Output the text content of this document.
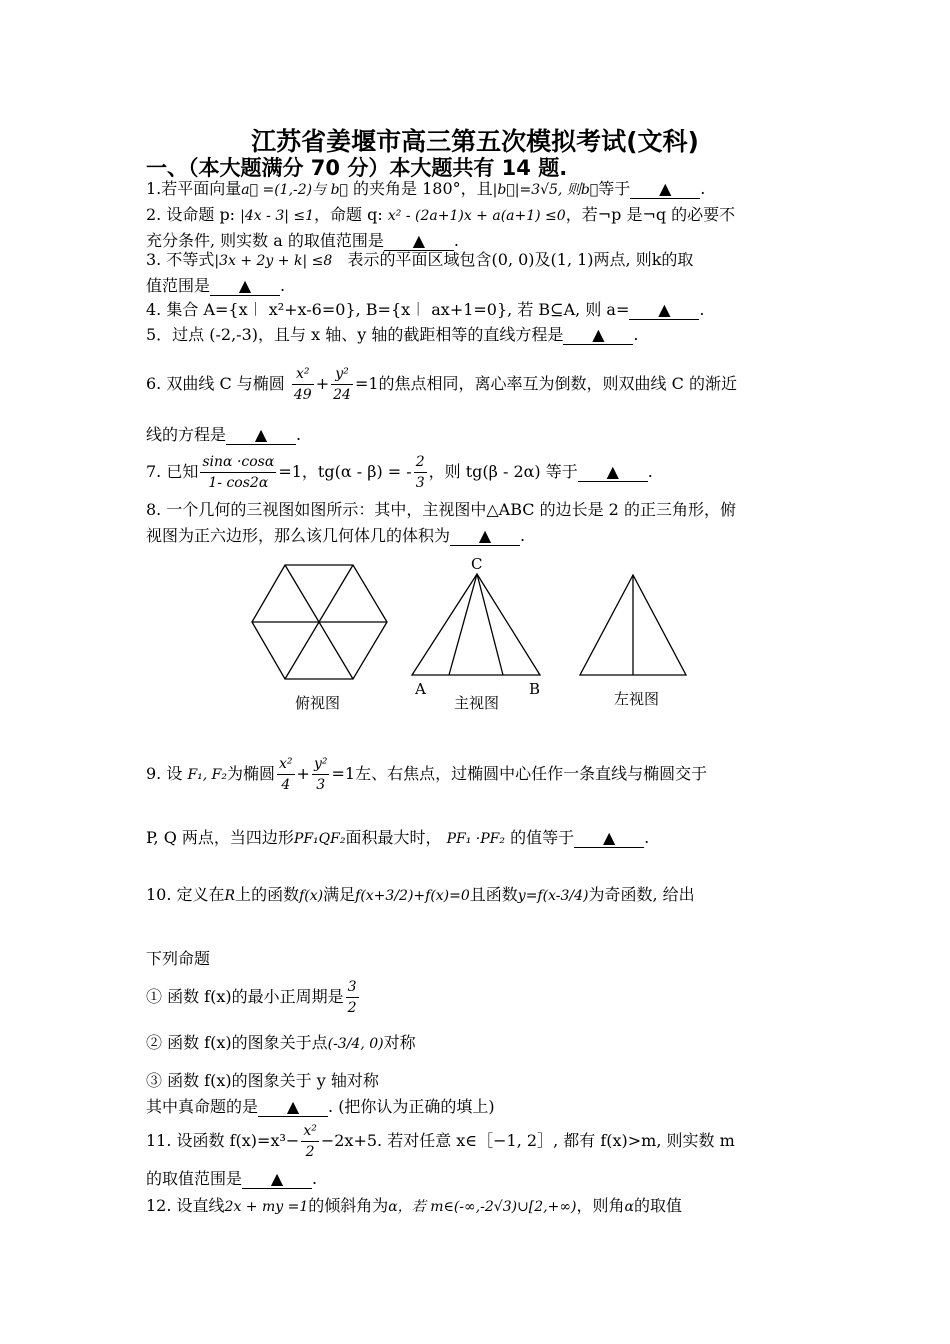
江苏省姜堰市高三第五次模拟考试(文科)
一、（本大题满分 70 分）本大题共有 14 题.
1.若平面向量a⃗ =(1,-2)与 b⃗ 的夹角是 180°，且|b⃗|=3√5, 则b⃗等于 ▲ .
2. 设命题 p: |4x - 3| ≤1，命题 q: x² - (2a+1)x + a(a+1) ≤0，若¬p 是¬q 的必要不
充分条件, 则实数 a 的取值范围是 ▲ .
3. 不等式|3x + 2y + k| ≤8 表示的平面区域包含(0, 0)及(1, 1)两点, 则k的取
值范围是 ▲ .
4. 集合 A={x︱ x²+x-6=0}, B={x︱ ax+1=0}, 若 B⊆A, 则 a= ▲ .
5．过点 (-2,-3)，且与 x 轴、y 轴的截距相等的直线方程是 ▲ .
6. 双曲线 C 与椭圆 $\frac{\text{x²}}{49} + \frac{\text{y²}}{24} =1$的焦点相同，离心率互为倒数，则双曲线 C 的渐近
线的方程是 ▲ .
7. 已知 $\frac{\sin\alpha \cdot\cos\alpha}{1- \cos 2\alpha} =1$，tg(α - β) = - $\frac{2}{3}$ ，则 tg(β - 2α) 等于 ▲ .
8. 一个几何的三视图如图所示：其中，主视图中△ABC 的边长是 2 的正三角形，俯
视图为正六边形，那么该几何体几的体积为 ▲ .
俯视图	主视图	左视图
C
A	B
9. 设 F₁, F₂为椭圆 $\frac{\text{x²}}{4} + \frac{\text{y²}}{3} =1$左、右焦点，过椭圆中心任作一条直线与椭圆交于
P, Q 两点，当四边形PF₁QF₂面积最大时， PF₁ ·PF₂ 的值等于 ▲ .
10. 定义在R上的函数f(x)满足f(x+3/2)+f(x)=0且函数y=f(x-3/4)为奇函数, 给出
下列命题
① 函数 f(x)的最小正周期是 $\frac{3}{2}$
② 函数 f(x)的图象关于点(-3/4, 0)对称
③ 函数 f(x)的图象关于 y 轴对称
其中真命题的是 ▲ . (把你认为正确的填上)
11. 设函数 $f(x)=x^3- \frac{\text{x²}}{2} -2x+5$. 若对任意 x∈［−1, 2］, 都有 f(x)>m, 则实数 m
的取值范围是 ▲ .
12. 设直线2x + my =1的倾斜角为α，若 m∈(-∞,-2√3)∪[2,+∞)，则角α的取值
